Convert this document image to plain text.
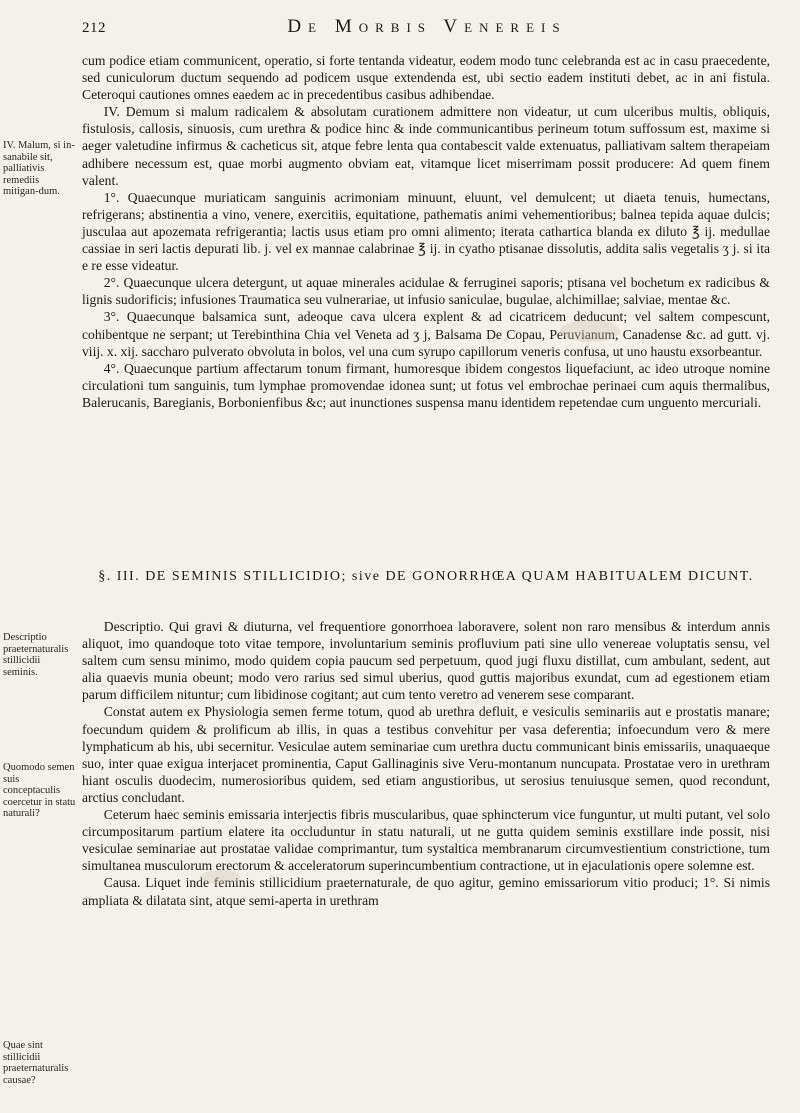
212	De Morbis Venereis

cum podice etiam communicent, operatio, si forte tentanda videatur, eodem modo tunc celebranda est ac in casu praecedente, sed cuniculorum ductum sequendo ad podicem usque extendenda est, ubi sectio eadem instituti debet, ac in ani fistula. Ceteroqui cautiones omnes eaedem ac in precedentibus casibus adhibendae.

IV. Demum si malum radicalem & absolutam curationem admittere non videatur, ut cum ulceribus multis, obliquis, fistulosis, callosis, sinuosis, cum urethra & podice hinc & inde communicantibus perineum totum suffossum est, maxime si aeger valetudine infirmus & cacheticus sit, atque febre lenta qua contabescit valde extenuatus, palliativam saltem therapeiam adhibere necessum est, quae morbi augmento obviam eat, vitamque licet miserrimam possit producere: Ad quem finem valent.

1°. Quaecunque muriaticam sanguinis acrimoniam minuunt, eluunt, vel demulcent; ut diaeta tenuis, humectans, refrigerans; abstinentia a vino, venere, exercitiis, equitatione, pathematis animi vehementioribus; balnea tepida aquae dulcis; jusculaa aut apozemata refrigerantia; lactis usus etiam pro omni alimento; iterata cathartica blanda ex diluto ℥ ij. medullae cassiae in seri lactis depurati lib. j. vel ex mannae calabrinae ℥ ij. in cyatho ptisanae dissolutis, addita salis vegetalis ʒ j. si ita e re esse videatur.

2°. Quaecunque ulcera detergunt, ut aquae minerales acidulae & ferruginei saporis; ptisana vel bochetum ex radicibus & lignis sudorificis; infusiones Traumatica seu vulnerariae, ut infusio saniculae, bugulae, alchimillae; salviae, mentae &c.

3°. Quaecunque balsamica sunt, adeoque cava ulcera explent & ad cicatricem deducunt; vel saltem compescunt, cohibentque ne serpant; ut Terebinthina Chia vel Veneta ad ʒ j, Balsama De Copau, Peruvianum, Canadense &c. ad gutt. vj. viij. x. xij. saccharo pulverato obvoluta in bolos, vel una cum syrupo capillorum veneris confusa, ut uno haustu exsorbeantur.

4°. Quaecunque partium affectarum tonum firmant, humoresque ibidem congestos liquefaciunt, ac ideo utroque nomine circulationi tum sanguinis, tum lymphae promovendae idonea sunt; ut fotus vel embrochae perinaei cum aquis thermalibus, Balerucanis, Baregianis, Borbonienfibus &c; aut inunctiones suspensa manu identidem repetendae cum unguento mercuriali.

§. III. DE SEMINIS STILLICIDIO; sive DE GONORRHŒA QUAM HABITUALEM DICUNT.

Descriptio. Qui gravi & diuturna, vel frequentiore gonorrhoea laboravere, solent non raro mensibus & interdum annis aliquot, imo quandoque toto vitae tempore, involuntarium seminis profluvium pati sine ullo venereae voluptatis sensu, vel saltem cum sensu minimo, modo quidem copia paucum sed perpetuum, quod jugi fluxu distillat, cum ambulant, sedent, aut alia quaevis munia obeunt; modo vero rarius sed simul uberius, quod guttis majoribus exundat, cum ad egestionem etiam parum difficilem nituntur; cum libidinose cogitant; aut cum tento veretro ad venerem sese comparant.

Constat autem ex Physiologia semen ferme totum, quod ab urethra defluit, e vesiculis seminariis aut e prostatis manare; foecundum quidem & prolificum ab illis, in quas a testibus convehitur per vasa deferentia; infoecundum vero & mere lymphaticum ab his, ubi secernitur. Vesiculae autem seminariae cum urethra ductu communicant binis emissariis, unaquaeque suo, inter quae exigua interjacet prominentia, Caput Gallinaginis sive Veru-montanum nuncupata. Prostatae vero in urethram hiant osculis duodecim, numerosioribus quidem, sed etiam angustioribus, ut serosius tenuiusque semen, quod recondunt, arctius concludant.

Ceterum haec seminis emissaria interjectis fibris muscularibus, quae sphincterum vice funguntur, ut multi putant, vel solo circumpositarum partium elatere ita occluduntur in statu naturali, ut ne gutta quidem seminis exstillare inde possit, nisi vesiculae seminariae aut prostatae validae comprimantur, tum systaltica membranarum circumvestientium constrictione, tum simultanea musculorum erectorum & acceleratorum superincumbentium contractione, ut in ejaculationis opere solemne est.

Causa. Liquet inde feminis stillicidium praeternaturale, de quo agitur, gemino emissariorum vitio produci; 1°. Si nimis ampliata & dilatata sint, atque semi-aperta in urethram

IV. Malum, si in-sanabile sit, palliativis remediis mitigan-dum.
Descriptio praeternaturalis stillicidii seminis.
Quomodo semen suis conceptaculis coercetur in statu naturali?
Quae sint stillicidii praeternaturalis causae?
